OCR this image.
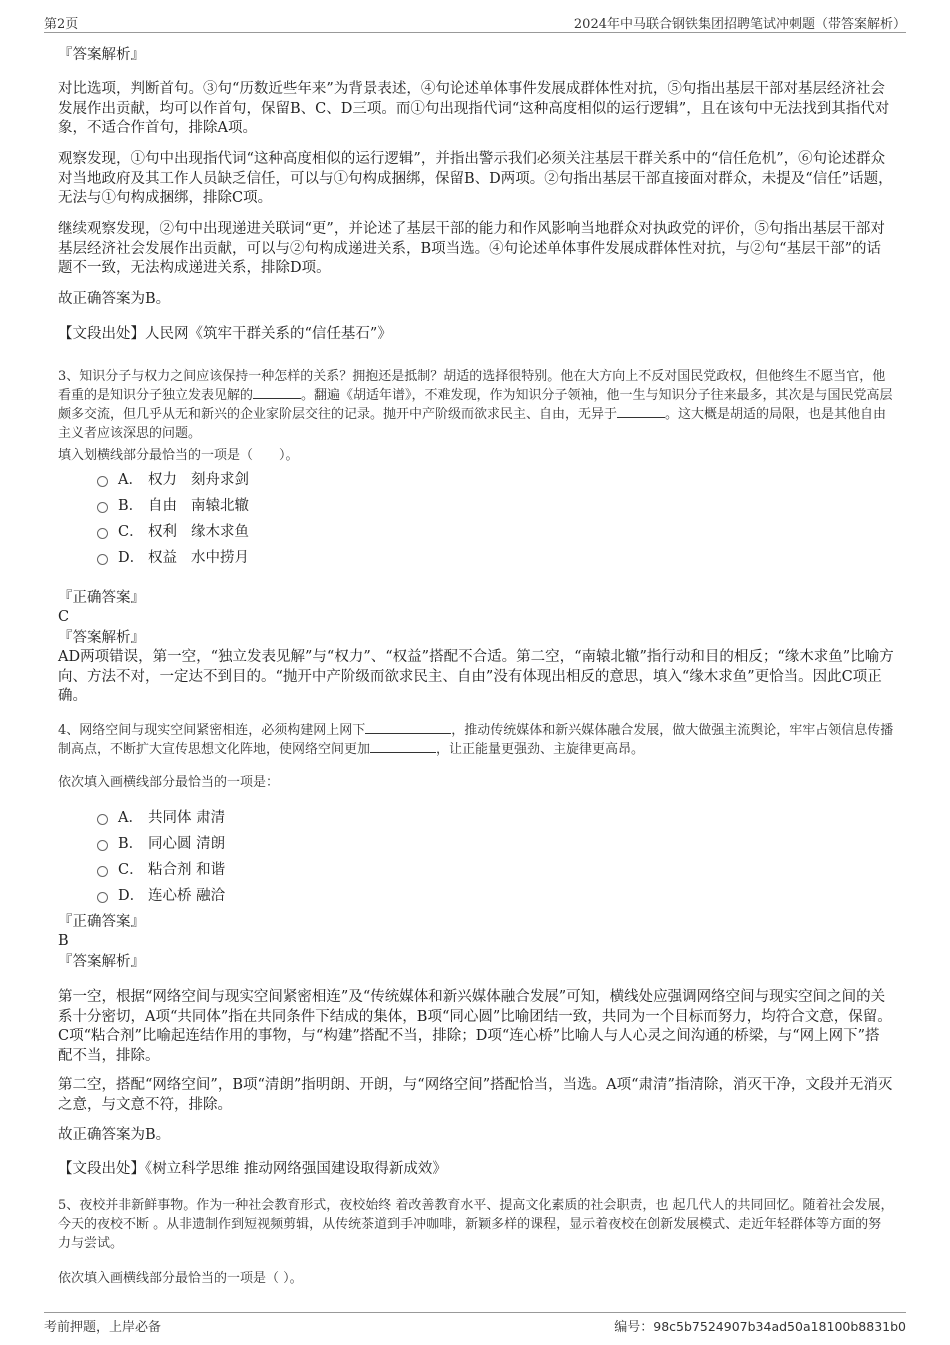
第2页	2024年中马联合钢铁集团招聘笔试冲刺题（带答案解析）
『答案解析』
对比选项，判断首句。③句“历数近些年来”为背景表述，④句论述单体事件发展成群体性对抗，⑤句指出基层干部对基层经济社会发展作出贡献，均可以作首句，保留B、C、D三项。而①句出现指代词“这种高度相似的运行逻辑”，且在该句中无法找到其指代对象，不适合作首句，排除A项。
观察发现，①句中出现指代词“这种高度相似的运行逻辑”，并指出警示我们必须关注基层干群关系中的“信任危机”，⑥句论述群众对当地政府及其工作人员缺乏信任，可以与①句构成捆绑，保留B、D两项。②句指出基层干部直接面对群众，未提及“信任”话题，无法与①句构成捆绑，排除C项。
继续观察发现，②句中出现递进关联词“更”，并论述了基层干部的能力和作风影响当地群众对执政党的评价，⑤句指出基层干部对基层经济社会发展作出贡献，可以与②句构成递进关系，B项当选。④句论述单体事件发展成群体性对抗，与②句“基层干部”的话题不一致，无法构成递进关系，排除D项。
故正确答案为B。
【文段出处】人民网《筑牢干群关系的“信任基石”》
3、知识分子与权力之间应该保持一种怎样的关系？拥抱还是抵制？胡适的选择很特别。他在大方向上不反对国民党政权，但他终生不愿当官，他看重的是知识分子独立发表见解的	。翻遍《胡适年谱》，不难发现，作为知识分子领袖，他一生与知识分子往来最多，其次是与国民党高层颇多交流，但几乎从无和新兴的企业家阶层交往的记录。抛开中产阶级而欲求民主、自由，无异于	。这大概是胡适的局限，也是其他自由主义者应该深思的问题。
填入划横线部分最恰当的一项是（　　）。
A． 权力 刻舟求剑
B． 自由 南辕北辙
C． 权利 缘木求鱼
D． 权益 水中捞月
『正确答案』
C
『答案解析』
AD两项错误，第一空，“独立发表见解”与“权力”、“权益”搭配不合适。第二空，“南辕北辙”指行动和目的相反；“缘木求鱼”比喻方向、方法不对，一定达不到目的。“抛开中产阶级而欲求民主、自由”没有体现出相反的意思，填入“缘木求鱼”更恰当。因此C项正确。
4、网络空间与现实空间紧密相连，必须构建网上网下	，推动传统媒体和新兴媒体融合发展，做大做强主流舆论，牢牢占领信息传播制高点，不断扩大宣传思想文化阵地，使网络空间更加	，让正能量更强劲、主旋律更高昂。
依次填入画横线部分最恰当的一项是：
A． 共同体 肃清
B． 同心圆 清朗
C． 粘合剂 和谐
D． 连心桥 融洽
『正确答案』
B
『答案解析』
第一空，根据“网络空间与现实空间紧密相连”及“传统媒体和新兴媒体融合发展”可知，横线处应强调网络空间与现实空间之间的关系十分密切，A项“共同体”指在共同条件下结成的集体，B项“同心圆”比喻团结一致，共同为一个目标而努力，均符合文意，保留。C项“粘合剂”比喻起连结作用的事物，与“构建”搭配不当，排除；D项“连心桥”比喻人与人心灵之间沟通的桥梁，与“网上网下”搭配不当，排除。
第二空，搭配“网络空间”，B项“清朗”指明朗、开朗，与“网络空间”搭配恰当，当选。A项“肃清”指清除，消灭干净，文段并无消灭之意，与文意不符，排除。
故正确答案为B。
【文段出处】《树立科学思维 推动网络强国建设取得新成效》
5、夜校并非新鲜事物。作为一种社会教育形式，夜校始终 着改善教育水平、提高文化素质的社会职责，也 起几代人的共同回忆。随着社会发展，今天的夜校不断 。从非遗制作到短视频剪辑，从传统茶道到手冲咖啡，新颖多样的课程，显示着夜校在创新发展模式、走近年轻群体等方面的努力与尝试。
依次填入画横线部分最恰当的一项是（ ）。
考前押题，上岸必备	编号：98c5b7524907b34ad50a18100b8831b0
